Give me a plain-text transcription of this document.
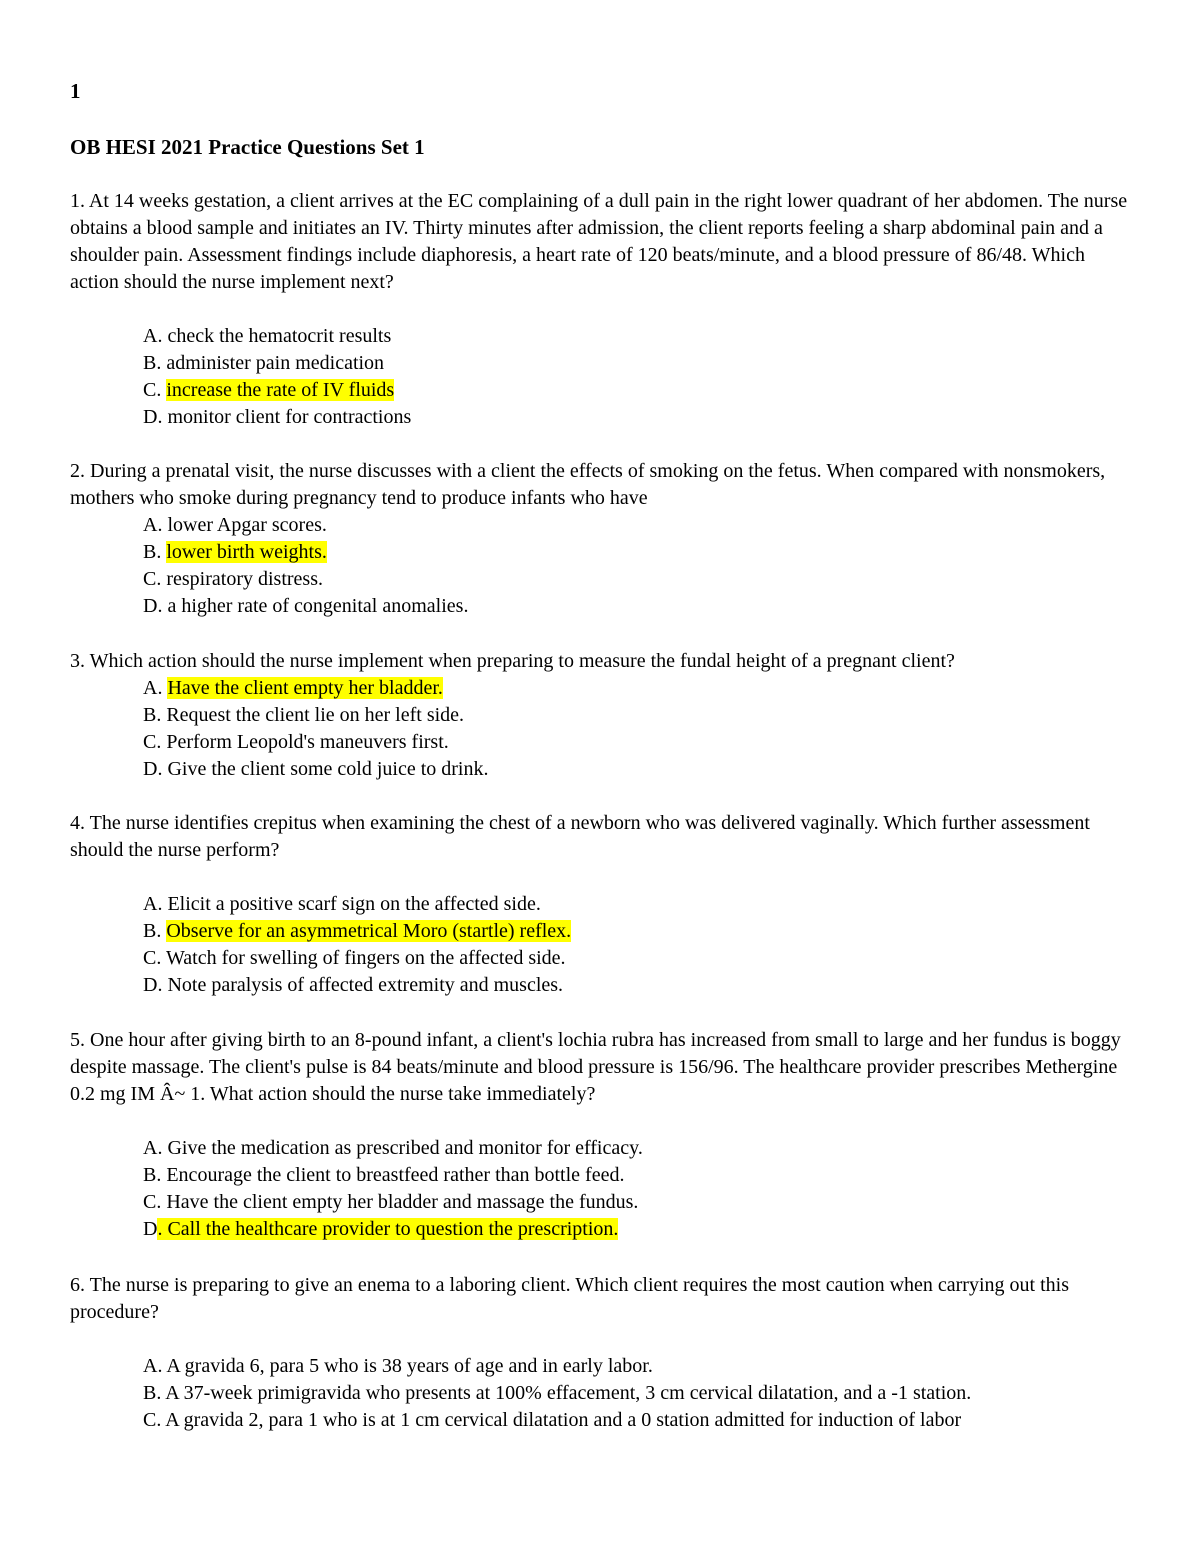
1
OB HESI 2021 Practice Questions Set 1

1. At 14 weeks gestation, a client arrives at the EC complaining of a dull pain in the right lower quadrant of her abdomen. The nurse obtains a blood sample and initiates an IV. Thirty minutes after admission, the client reports feeling a sharp abdominal pain and a shoulder pain. Assessment findings include diaphoresis, a heart rate of 120 beats/minute, and a blood pressure of 86/48. Which action should the nurse implement next?

A. check the hematocrit results
B. administer pain medication
C. increase the rate of IV fluids
D. monitor client for contractions

2. During a prenatal visit, the nurse discusses with a client the effects of smoking on the fetus. When compared with nonsmokers, mothers who smoke during pregnancy tend to produce infants who have

A. lower Apgar scores.
B. lower birth weights.
C. respiratory distress.
D. a higher rate of congenital anomalies.

3. Which action should the nurse implement when preparing to measure the fundal height of a pregnant client?

A. Have the client empty her bladder.
B. Request the client lie on her left side.
C. Perform Leopold's maneuvers first.
D. Give the client some cold juice to drink.

4. The nurse identifies crepitus when examining the chest of a newborn who was delivered vaginally. Which further assessment should the nurse perform?

A. Elicit a positive scarf sign on the affected side.
B. Observe for an asymmetrical Moro (startle) reflex.
C. Watch for swelling of fingers on the affected side.
D. Note paralysis of affected extremity and muscles.

5. One hour after giving birth to an 8-pound infant, a client's lochia rubra has increased from small to large and her fundus is boggy despite massage. The client's pulse is 84 beats/minute and blood pressure is 156/96. The healthcare provider prescribes Methergine 0.2 mg IM Â~ 1. What action should the nurse take immediately?

A. Give the medication as prescribed and monitor for efficacy.
B. Encourage the client to breastfeed rather than bottle feed.
C. Have the client empty her bladder and massage the fundus.
D. Call the healthcare provider to question the prescription.

6. The nurse is preparing to give an enema to a laboring client. Which client requires the most caution when carrying out this procedure?

A. A gravida 6, para 5 who is 38 years of age and in early labor.
B. A 37-week primigravida who presents at 100% effacement, 3 cm cervical dilatation, and a -1 station.
C. A gravida 2, para 1 who is at 1 cm cervical dilatation and a 0 station admitted for induction of labor
